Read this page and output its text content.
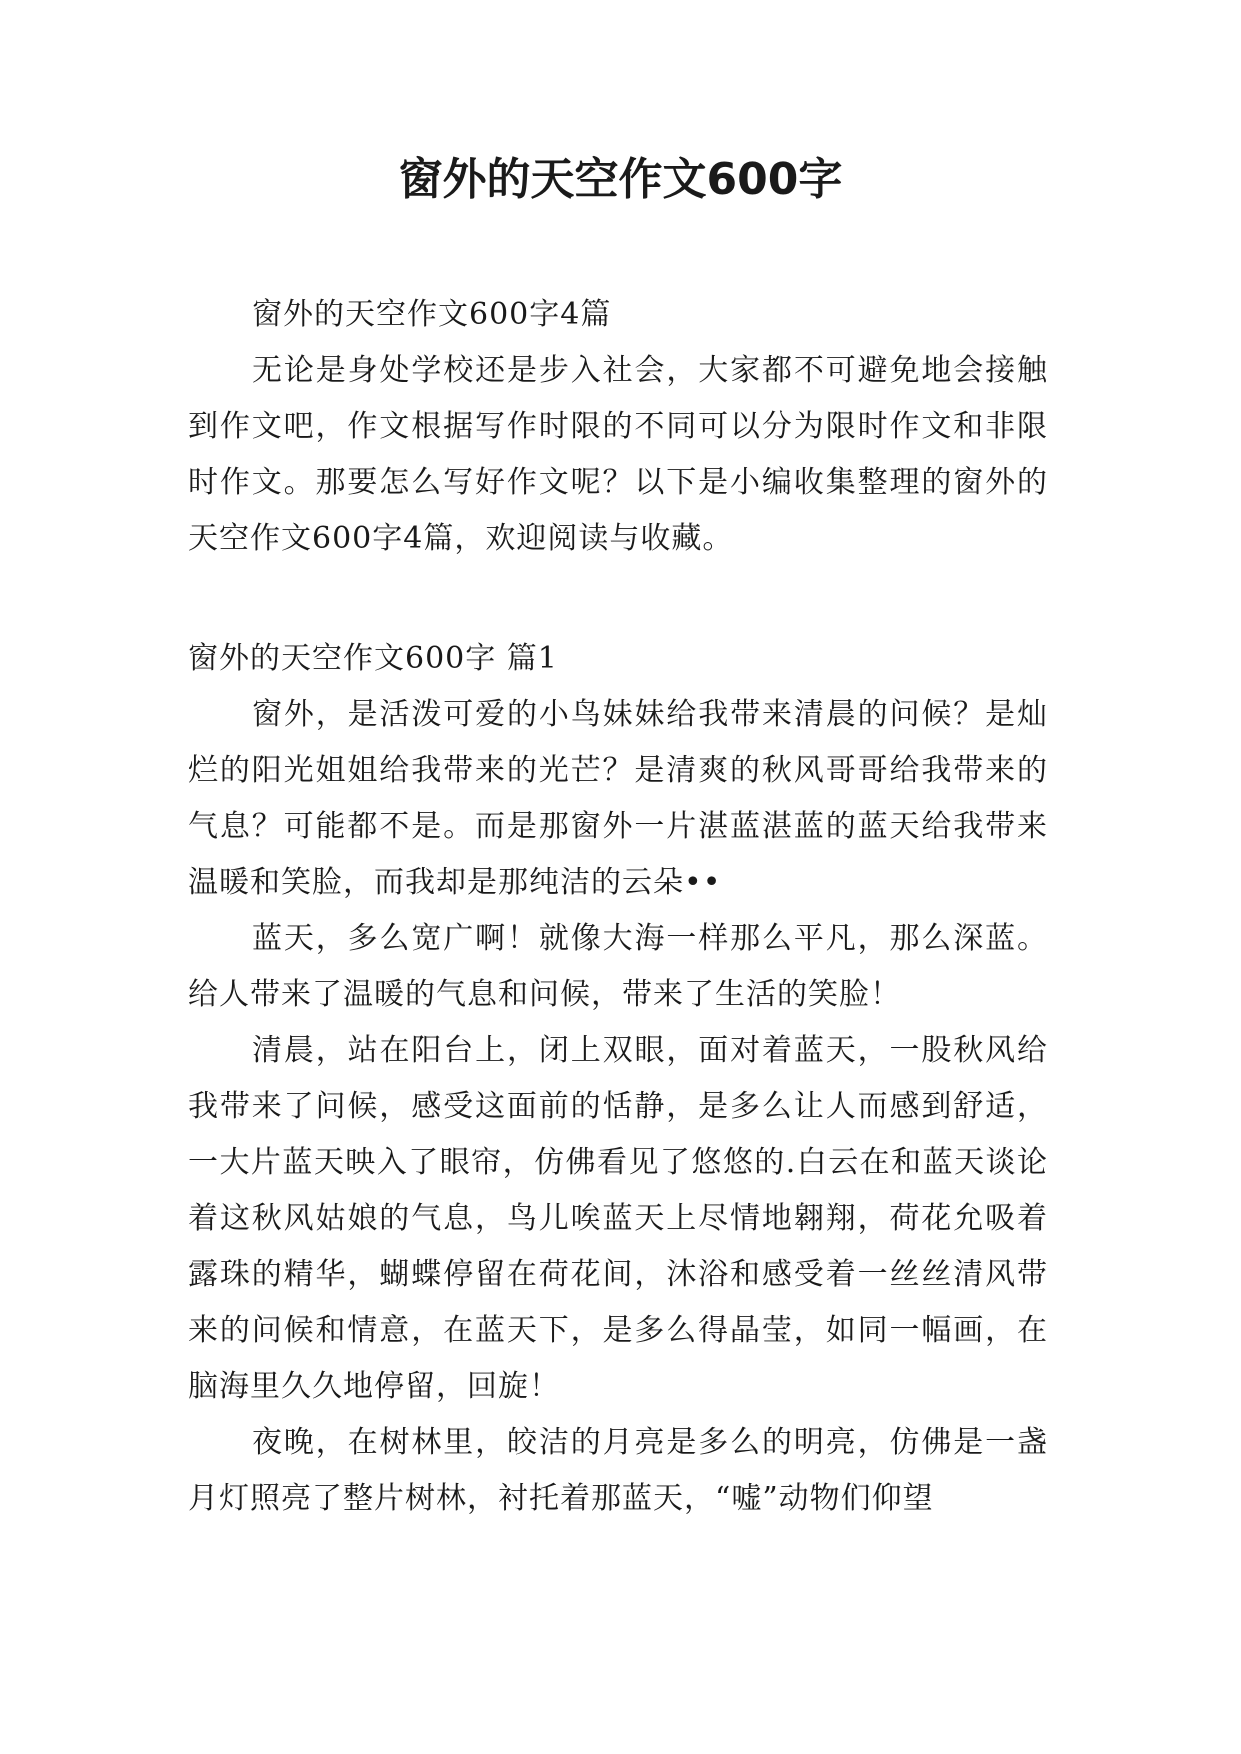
窗外的天空作文600字

窗外的天空作文600字4篇

无论是身处学校还是步入社会，大家都不可避免地会接触到作文吧，作文根据写作时限的不同可以分为限时作文和非限时作文。那要怎么写好作文呢？以下是小编收集整理的窗外的天空作文600字4篇，欢迎阅读与收藏。

窗外的天空作文600字 篇1

窗外，是活泼可爱的小鸟妹妹给我带来清晨的问候？是灿烂的阳光姐姐给我带来的光芒？是清爽的秋风哥哥给我带来的气息？可能都不是。而是那窗外一片湛蓝湛蓝的蓝天给我带来温暖和笑脸，而我却是那纯洁的云朵••

蓝天，多么宽广啊！就像大海一样那么平凡，那么深蓝。给人带来了温暖的气息和问候，带来了生活的笑脸！

清晨，站在阳台上，闭上双眼，面对着蓝天，一股秋风给我带来了问候，感受这面前的恬静，是多么让人而感到舒适，一大片蓝天映入了眼帘，仿佛看见了悠悠的.白云在和蓝天谈论着这秋风姑娘的气息，鸟儿唉蓝天上尽情地翱翔，荷花允吸着露珠的精华，蝴蝶停留在荷花间，沐浴和感受着一丝丝清风带来的问候和情意，在蓝天下，是多么得晶莹，如同一幅画，在脑海里久久地停留，回旋！

夜晚，在树林里，皎洁的月亮是多么的明亮，仿佛是一盏月灯照亮了整片树林，衬托着那蓝天，“嘘”动物们仰望
